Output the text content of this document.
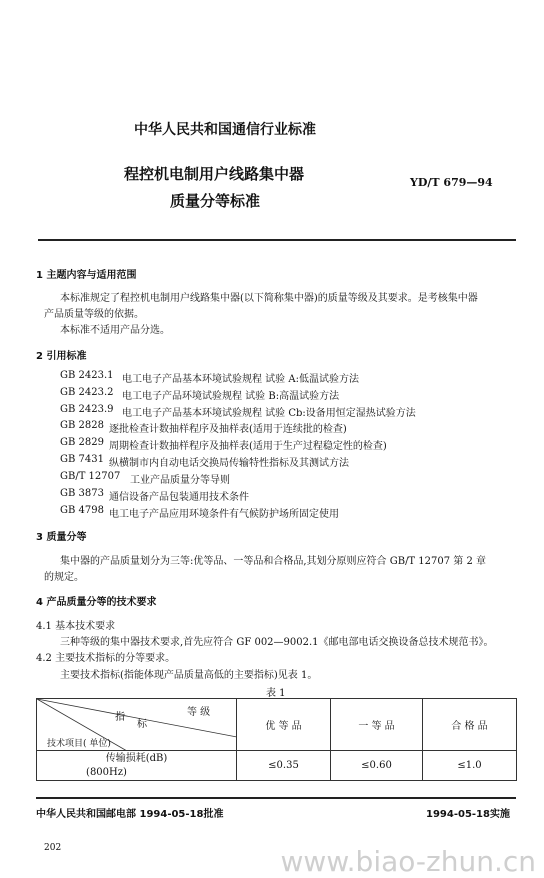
中华人民共和国通信行业标准
程控机电制用户线路集中器
质量分等标准
YD/T 679—94
1 主题内容与适用范围
本标准规定了程控机电制用户线路集中器(以下简称集中器)的质量等级及其要求。是考核集中器
产品质量等级的依据。
本标准不适用产品分选。
2 引用标准
GB 2423.1 电工电子产品基本环境试验规程 试验 A:低温试验方法
GB 2423.2 电工电子产品环境试验规程 试验 B:高温试验方法
GB 2423.9 电工电子产品基本环境试验规程 试验 Cb:设备用恒定湿热试验方法
GB 2828 逐批检查计数抽样程序及抽样表(适用于连续批的检查)
GB 2829 周期检查计数抽样程序及抽样表(适用于生产过程稳定性的检查)
GB 7431 纵横制市内自动电话交换局传输特性指标及其测试方法
GB/T 12707 工业产品质量分等导则
GB 3873 通信设备产品包装通用技术条件
GB 4798 电工电子产品应用环境条件有气候防护场所固定使用
3 质量分等
集中器的产品质量划分为三等:优等品、一等品和合格品,其划分原则应符合 GB/T 12707 第 2 章
的规定。
4 产品质量分等的技术要求
4.1 基本技术要求
三种等级的集中器技术要求,首先应符合 GF 002—9002.1《邮电部电话交换设备总技术规范书》。
4.2 主要技术指标的分等要求。
主要技术指标(指能体现产品质量高低的主要指标)见表 1。
表 1
等 级
指
标
技术项目( 单位)	优 等 品	一 等 品	合 格 品

传输损耗(dB)
(800Hz)	≤0.35	≤0.60	≤1.0
中华人民共和国邮电部 1994-05-18批准	1994-05-18实施
202	www.biao-zhun.cn
